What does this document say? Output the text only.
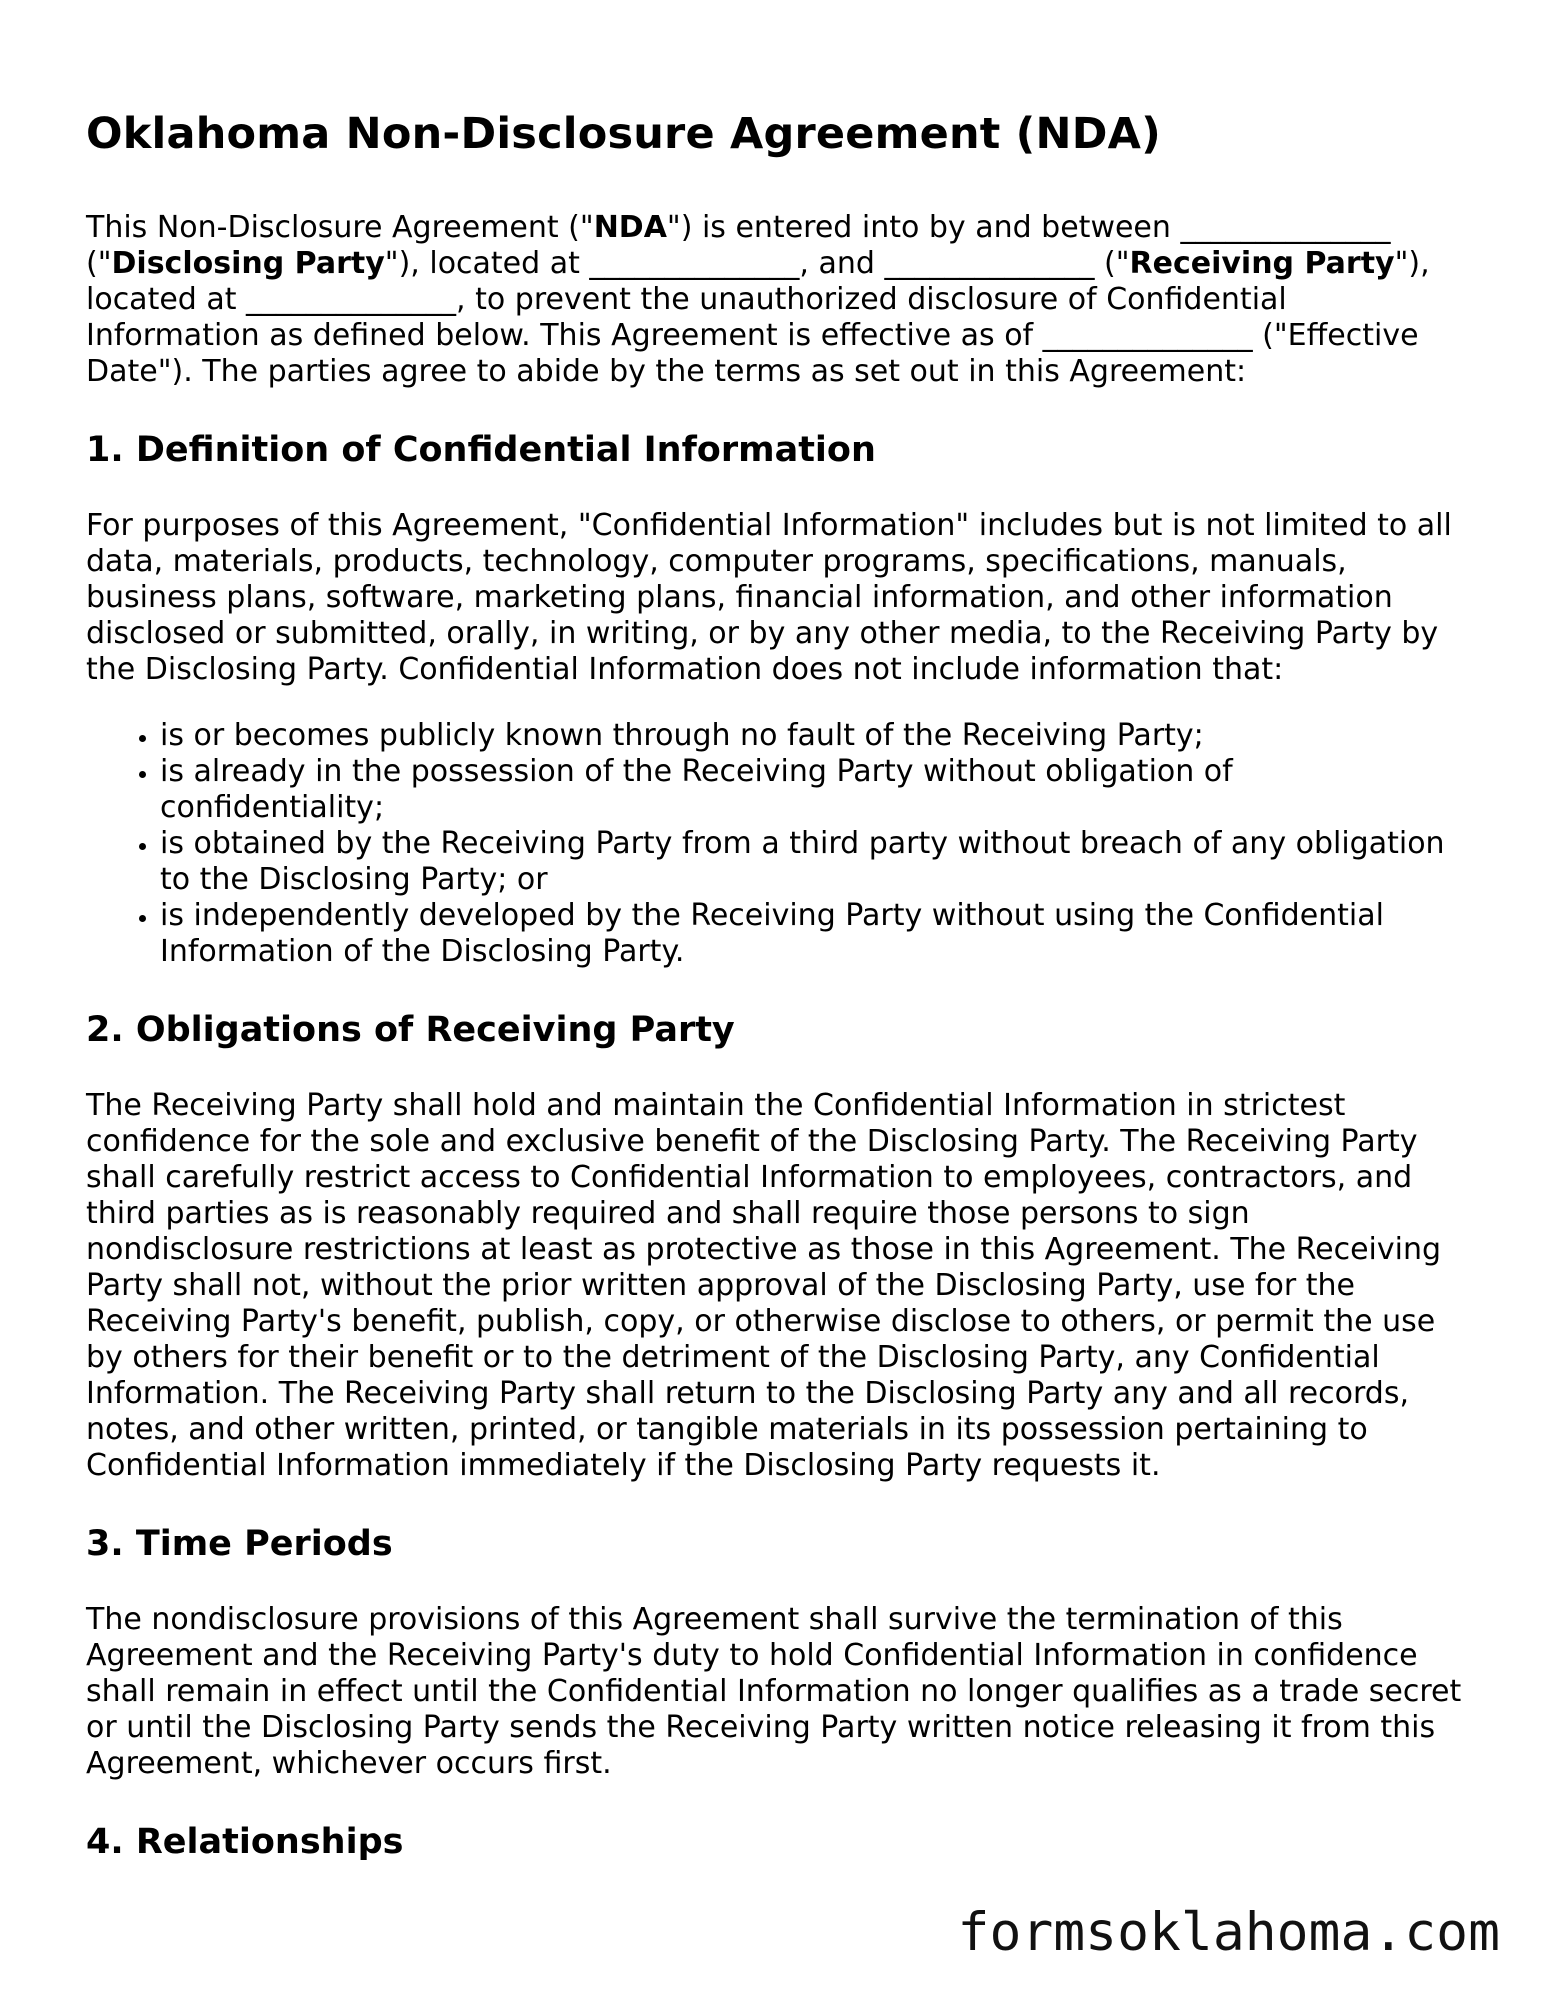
Oklahoma Non-Disclosure Agreement (NDA)

This Non-Disclosure Agreement ("NDA") is entered into by and between ______________ ("Disclosing Party"), located at ______________, and ______________ ("Receiving Party"), located at ______________, to prevent the unauthorized disclosure of Confidential Information as defined below. This Agreement is effective as of ______________ ("Effective Date"). The parties agree to abide by the terms as set out in this Agreement:

1. Definition of Confidential Information

For purposes of this Agreement, "Confidential Information" includes but is not limited to all data, materials, products, technology, computer programs, specifications, manuals, business plans, software, marketing plans, financial information, and other information disclosed or submitted, orally, in writing, or by any other media, to the Receiving Party by the Disclosing Party. Confidential Information does not include information that:

• is or becomes publicly known through no fault of the Receiving Party;
• is already in the possession of the Receiving Party without obligation of confidentiality;
• is obtained by the Receiving Party from a third party without breach of any obligation to the Disclosing Party; or
• is independently developed by the Receiving Party without using the Confidential Information of the Disclosing Party.
2. Obligations of Receiving Party

The Receiving Party shall hold and maintain the Confidential Information in strictest confidence for the sole and exclusive benefit of the Disclosing Party. The Receiving Party shall carefully restrict access to Confidential Information to employees, contractors, and third parties as is reasonably required and shall require those persons to sign nondisclosure restrictions at least as protective as those in this Agreement. The Receiving Party shall not, without the prior written approval of the Disclosing Party, use for the Receiving Party's benefit, publish, copy, or otherwise disclose to others, or permit the use by others for their benefit or to the detriment of the Disclosing Party, any Confidential Information. The Receiving Party shall return to the Disclosing Party any and all records, notes, and other written, printed, or tangible materials in its possession pertaining to Confidential Information immediately if the Disclosing Party requests it.

3. Time Periods

The nondisclosure provisions of this Agreement shall survive the termination of this Agreement and the Receiving Party's duty to hold Confidential Information in confidence shall remain in effect until the Confidential Information no longer qualifies as a trade secret or until the Disclosing Party sends the Receiving Party written notice releasing it from this Agreement, whichever occurs first.

4. Relationships
formsoklahoma.com
